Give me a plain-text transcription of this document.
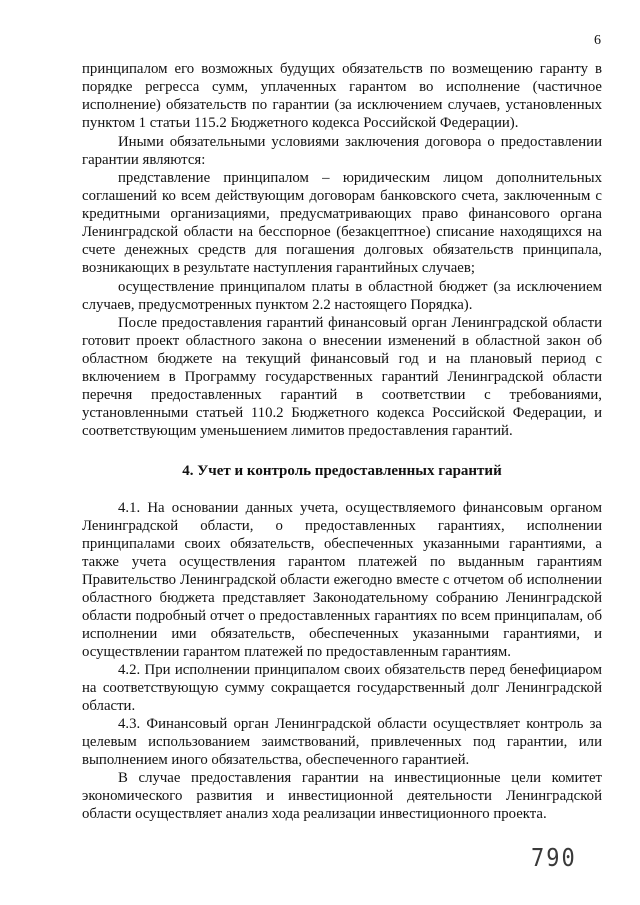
6

принципалом его возможных будущих обязательств по возмещению гаранту в порядке регресса сумм, уплаченных гарантом во исполнение (частичное исполнение) обязательств по гарантии (за исключением случаев, установленных пунктом 1 статьи 115.2 Бюджетного кодекса Российской Федерации).

Иными обязательными условиями заключения договора о предоставлении гарантии являются:

представление принципалом – юридическим лицом дополнительных соглашений ко всем действующим договорам банковского счета, заключенным с кредитными организациями, предусматривающих право финансового органа Ленинградской области на бесспорное (безакцептное) списание находящихся на счете денежных средств для погашения долговых обязательств принципала, возникающих в результате наступления гарантийных случаев;

осуществление принципалом платы в областной бюджет (за исключением случаев, предусмотренных пунктом 2.2 настоящего Порядка).

После предоставления гарантий финансовый орган Ленинградской области готовит проект областного закона о внесении изменений в областной закон об областном бюджете на текущий финансовый год и на плановый период с включением в Программу государственных гарантий Ленинградской области перечня предоставленных гарантий в соответствии с требованиями, установленными статьей 110.2 Бюджетного кодекса Российской Федерации, и соответствующим уменьшением лимитов предоставления гарантий.

4. Учет и контроль предоставленных гарантий

4.1. На основании данных учета, осуществляемого финансовым органом Ленинградской области, о предоставленных гарантиях, исполнении принципалами своих обязательств, обеспеченных указанными гарантиями, а также учета осуществления гарантом платежей по выданным гарантиям Правительство Ленинградской области ежегодно вместе с отчетом об исполнении областного бюджета представляет Законодательному собранию Ленинградской области подробный отчет о предоставленных гарантиях по всем принципалам, об исполнении ими обязательств, обеспеченных указанными гарантиями, и осуществлении гарантом платежей по предоставленным гарантиям.

4.2. При исполнении принципалом своих обязательств перед бенефициаром на соответствующую сумму сокращается государственный долг Ленинградской области.

4.3. Финансовый орган Ленинградской области осуществляет контроль за целевым использованием заимствований, привлеченных под гарантии, или выполнением иного обязательства, обеспеченного гарантией.

В случае предоставления гарантии на инвестиционные цели комитет экономического развития и инвестиционной деятельности Ленинградской области осуществляет анализ хода реализации инвестиционного проекта.

790
